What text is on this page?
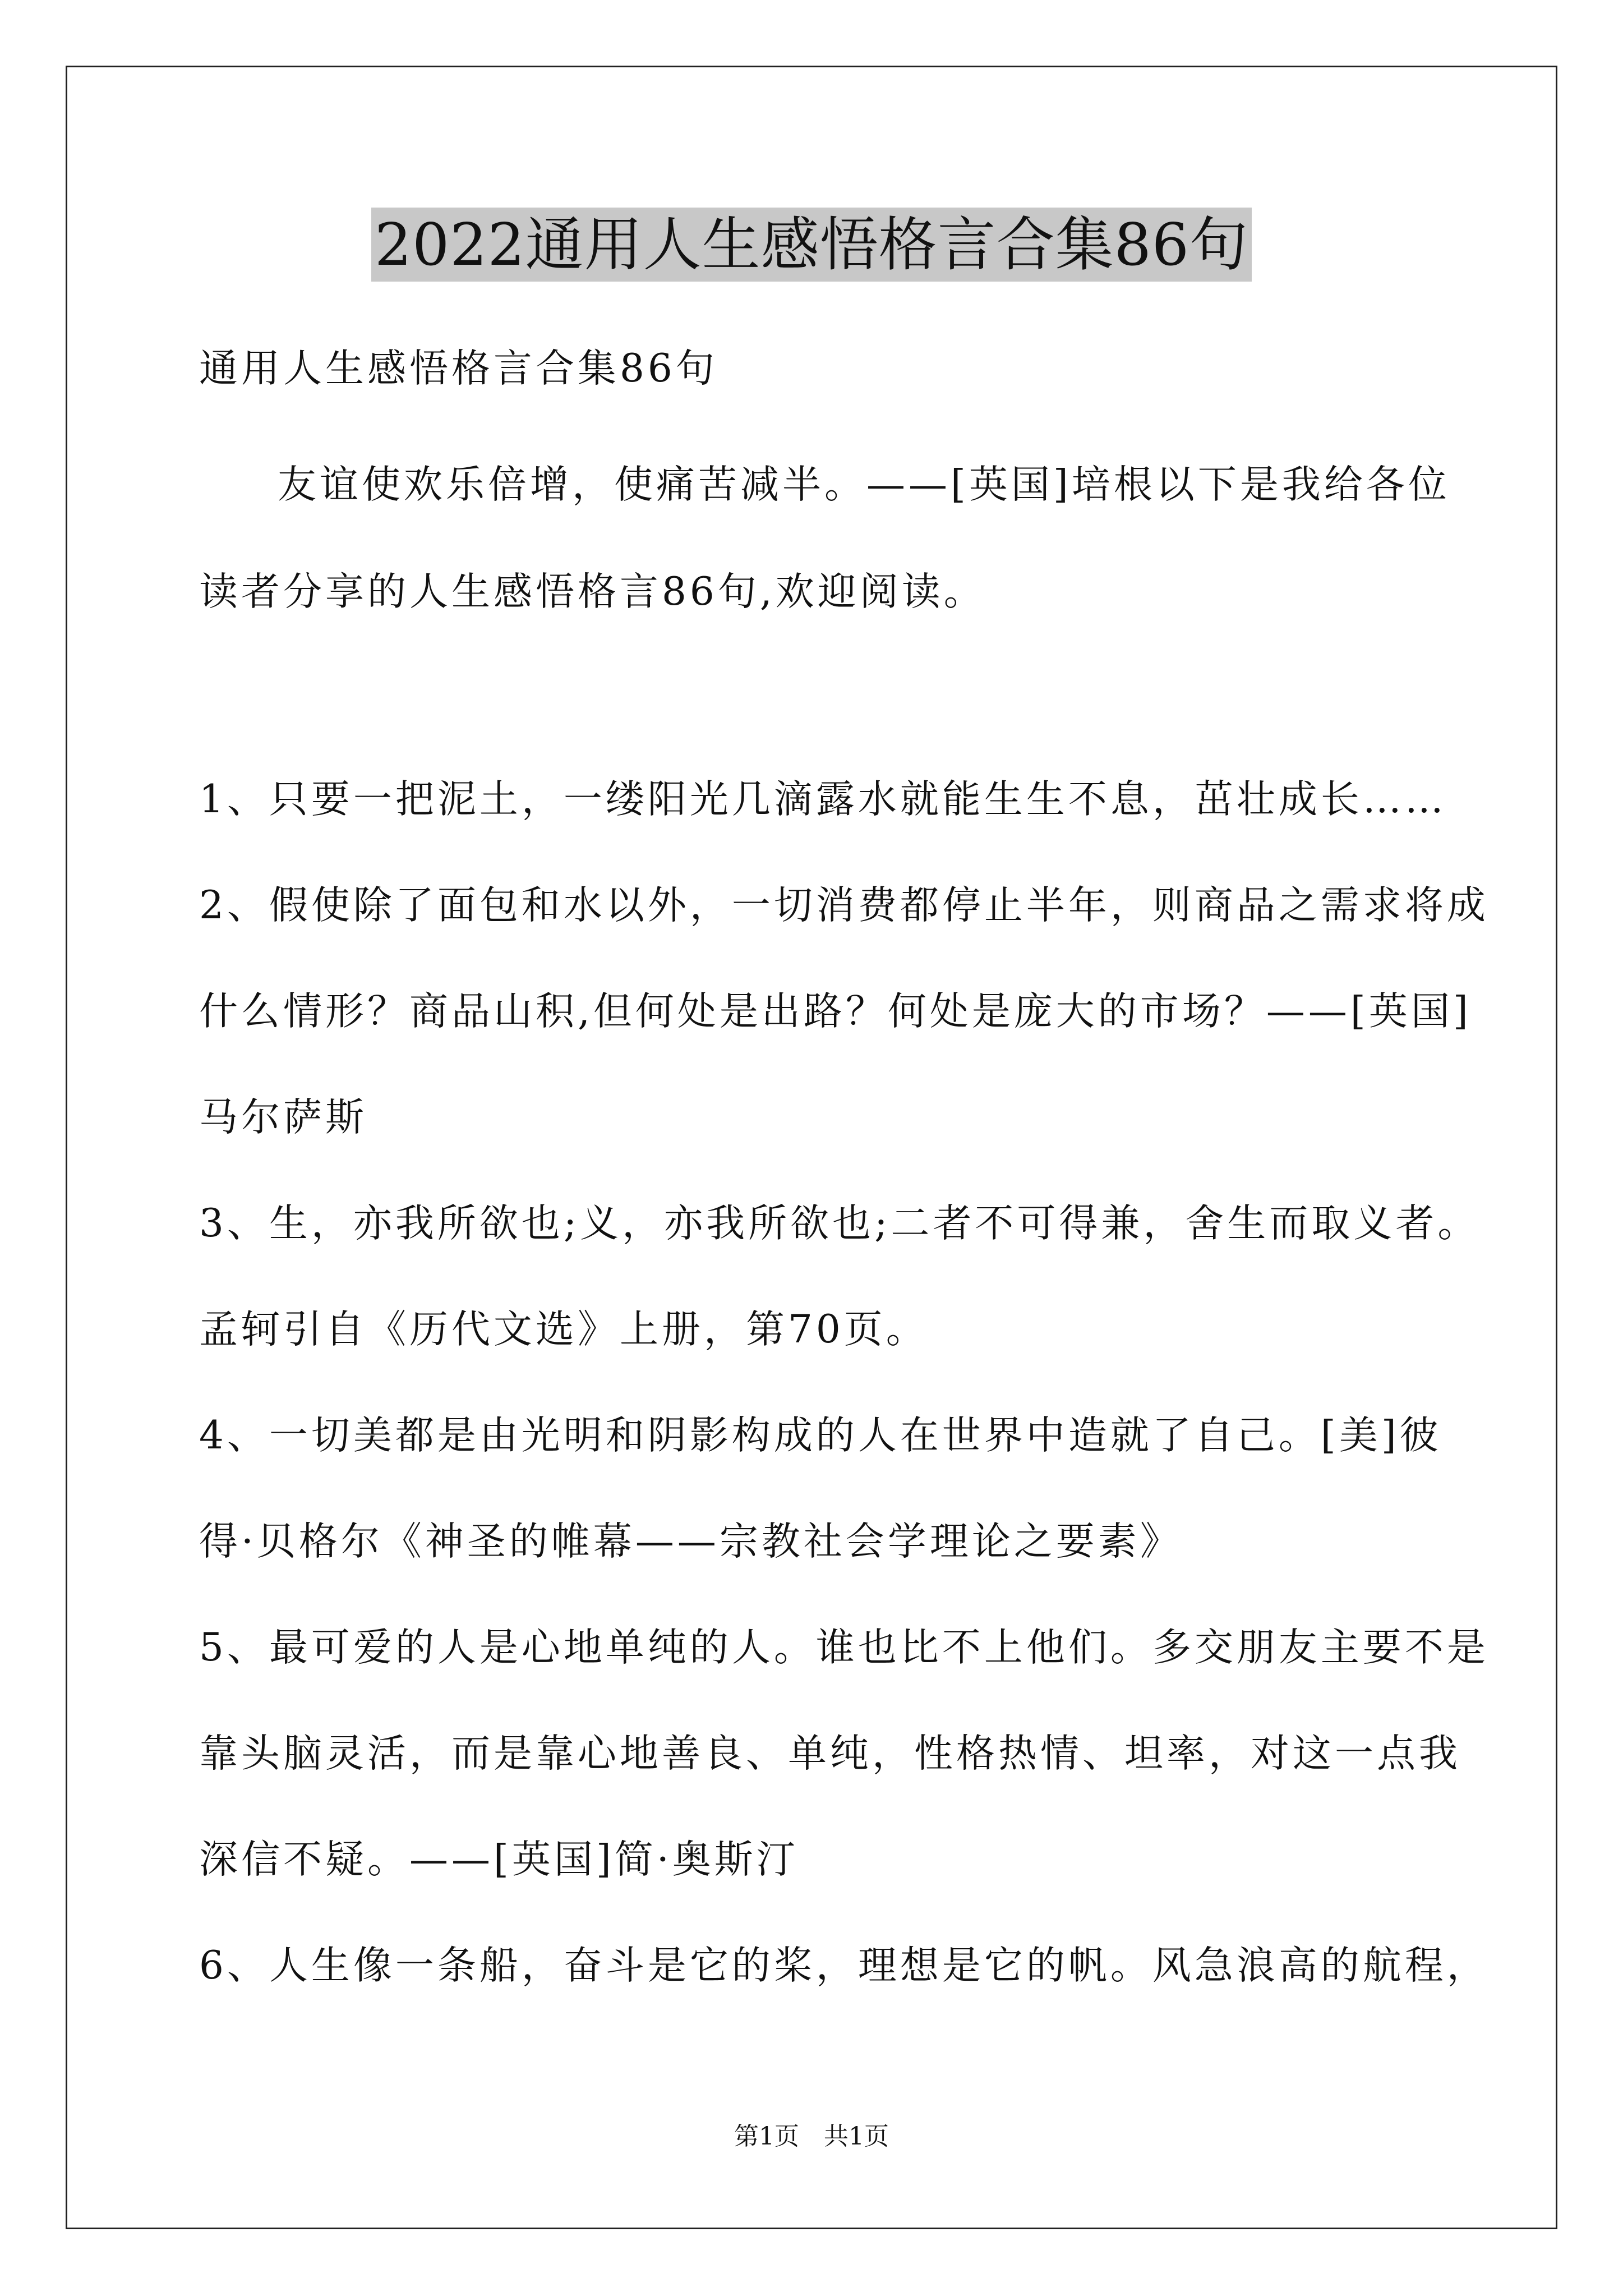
2022通用人生感悟格言合集86句
通用人生感悟格言合集86句
友谊使欢乐倍增，使痛苦减半。——[英国]培根以下是我给各位
读者分享的人生感悟格言86句,欢迎阅读。
1、只要一把泥土，一缕阳光几滴露水就能生生不息，茁壮成长……
2、假使除了面包和水以外，一切消费都停止半年，则商品之需求将成
什么情形？商品山积,但何处是出路？何处是庞大的市场？——[英国]
马尔萨斯
3、生，亦我所欲也;义，亦我所欲也;二者不可得兼，舍生而取义者。
孟轲引自《历代文选》上册，第70页。
4、一切美都是由光明和阴影构成的人在世界中造就了自己。[美]彼
得·贝格尔《神圣的帷幕——宗教社会学理论之要素》
5、最可爱的人是心地单纯的人。谁也比不上他们。多交朋友主要不是
靠头脑灵活，而是靠心地善良、单纯，性格热情、坦率，对这一点我
深信不疑。——[英国]简·奥斯汀
6、人生像一条船，奋斗是它的桨，理想是它的帆。风急浪高的航程，
第1页　共1页
